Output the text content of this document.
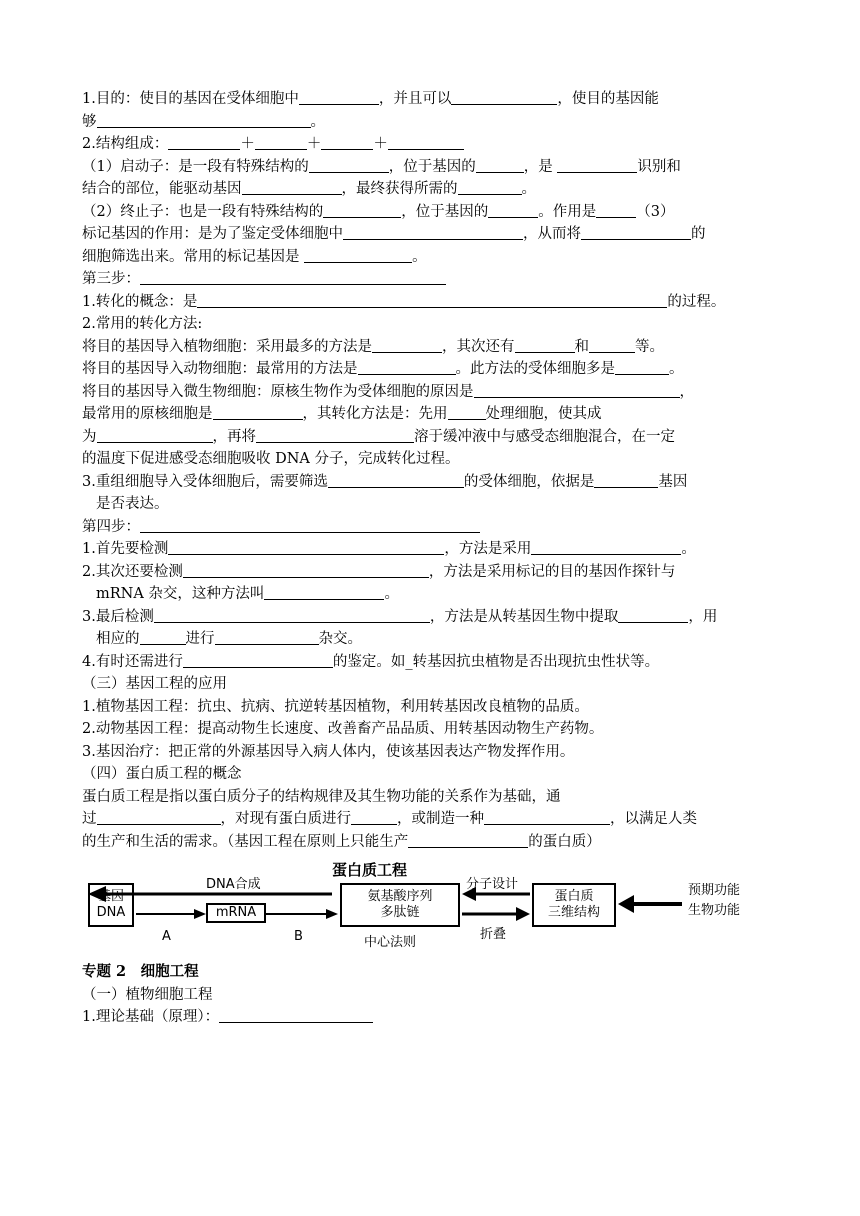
1.目的：使目的基因在受体细胞中	，并且可以	，使目的基因能
够	。
2.结构组成：	＋	＋	＋
（1）启动子：是一段有特殊结构的	，位于基因的	，是	识别和
结合的部位，能驱动基因	，最终获得所需的	。
（2）终止子：也是一段有特殊结构的	，位于基因的	。作用是	（3）
标记基因的作用：是为了鉴定受体细胞中	，从而将	的
细胞筛选出来。常用的标记基因是	。
第三步：
1.转化的概念：是	的过程。
2.常用的转化方法:
将目的基因导入植物细胞：采用最多的方法是	，其次还有	和	等。
将目的基因导入动物细胞：最常用的方法是	。此方法的受体细胞多是	。
将目的基因导入微生物细胞：原核生物作为受体细胞的原因是	，
最常用的原核细胞是	，其转化方法是：先用	处理细胞，使其成
为	，再将	溶于缓冲液中与感受态细胞混合，在一定
的温度下促进感受态细胞吸收 DNA 分子，完成转化过程。
3.重组细胞导入受体细胞后，需要筛选	的受体细胞，依据是	基因
是否表达。
第四步：
1.首先要检测	，方法是采用	。
2.其次还要检测	，方法是采用标记的目的基因作探针与
mRNA 杂交，这种方法叫	。
3.最后检测	，方法是从转基因生物中提取	，用
相应的	进行	杂交。
4.有时还需进行	的鉴定。如_转基因抗虫植物是否出现抗虫性状等。
（三）基因工程的应用
1.植物基因工程：抗虫、抗病、抗逆转基因植物，利用转基因改良植物的品质。
2.动物基因工程：提高动物生长速度、改善畜产品品质、用转基因动物生产药物。
3.基因治疗：把正常的外源基因导入病人体内，使该基因表达产物发挥作用。
（四）蛋白质工程的概念
蛋白质工程是指以蛋白质分子的结构规律及其生物功能的关系作为基础，通
过	，对现有蛋白质进行	，或制造一种	，以满足人类
的生产和生活的需求。（基因工程在原则上只能生产	的蛋白质）
蛋白质工程
DNA合成
基因
DNA	mRNA
A	B
氨基酸序列
多肽链
中心法则
分子设计
折叠
蛋白质
三维结构
预期功能
生物功能
专题 2　细胞工程
（一）植物细胞工程
1.理论基础（原理）：
